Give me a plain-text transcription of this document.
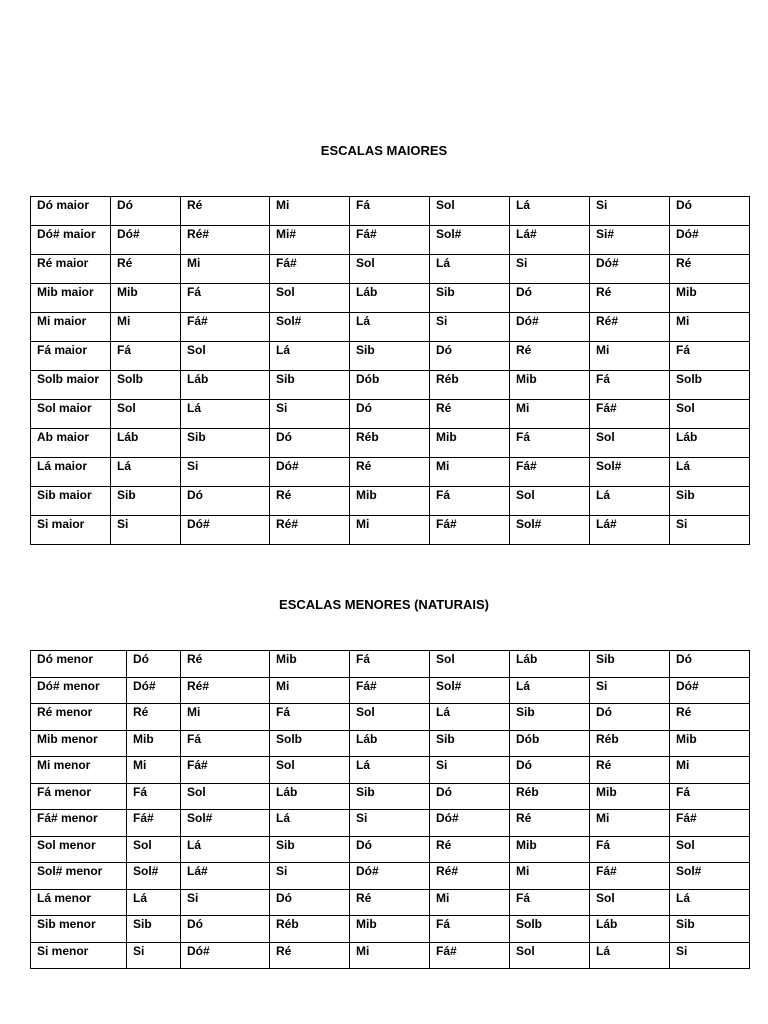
ESCALAS MAIORES
Dó maior	Dó	Ré	Mi	Fá	Sol	Lá	Si	Dó
Dó# maior	Dó#	Ré#	Mi#	Fá#	Sol#	Lá#	Si#	Dó#
Ré maior	Ré	Mi	Fá#	Sol	Lá	Si	Dó#	Ré
Mib maior	Mib	Fá	Sol	Láb	Sib	Dó	Ré	Mib
Mi maior	Mi	Fá#	Sol#	Lá	Si	Dó#	Ré#	Mi
Fá maior	Fá	Sol	Lá	Sib	Dó	Ré	Mi	Fá
Solb maior	Solb	Láb	Sib	Dób	Réb	Mib	Fá	Solb
Sol maior	Sol	Lá	Si	Dó	Ré	Mi	Fá#	Sol
Ab maior	Láb	Sib	Dó	Réb	Mib	Fá	Sol	Láb
Lá maior	Lá	Si	Dó#	Ré	Mi	Fá#	Sol#	Lá
Sib maior	Sib	Dó	Ré	Mib	Fá	Sol	Lá	Sib
Si maior	Si	Dó#	Ré#	Mi	Fá#	Sol#	Lá#	Si
ESCALAS MENORES (NATURAIS)
Dó menor	Dó	Ré	Mib	Fá	Sol	Láb	Sib	Dó
Dó# menor	Dó#	Ré#	Mi	Fá#	Sol#	Lá	Si	Dó#
Ré menor	Ré	Mi	Fá	Sol	Lá	Sib	Dó	Ré
Mib menor	Mib	Fá	Solb	Láb	Sib	Dób	Réb	Mib
Mi menor	Mi	Fá#	Sol	Lá	Si	Dó	Ré	Mi
Fá menor	Fá	Sol	Láb	Sib	Dó	Réb	Mib	Fá
Fá# menor	Fá#	Sol#	Lá	Si	Dó#	Ré	Mi	Fá#
Sol menor	Sol	Lá	Sib	Dó	Ré	Mib	Fá	Sol
Sol# menor	Sol#	Lá#	Si	Dó#	Ré#	Mi	Fá#	Sol#
Lá menor	Lá	Si	Dó	Ré	Mi	Fá	Sol	Lá
Sib menor	Sib	Dó	Réb	Mib	Fá	Solb	Láb	Sib
Si menor	Si	Dó#	Ré	Mi	Fá#	Sol	Lá	Si
